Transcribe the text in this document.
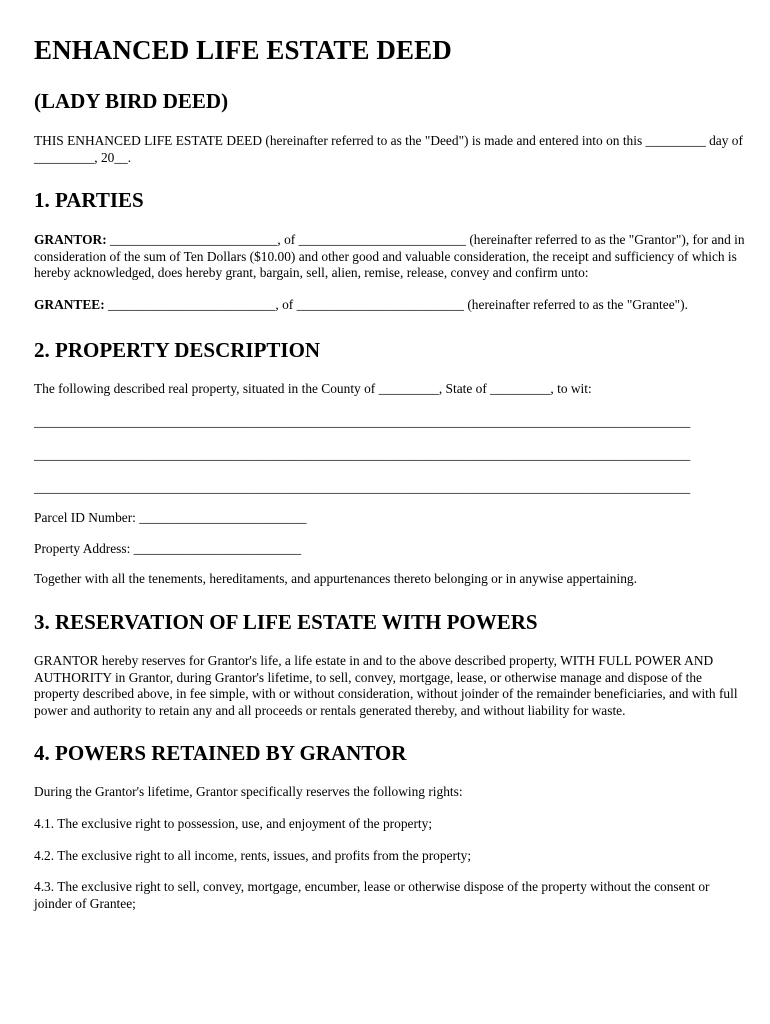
ENHANCED LIFE ESTATE DEED
(LADY BIRD DEED)

THIS ENHANCED LIFE ESTATE DEED (hereinafter referred to as the "Deed") is made and entered into on this _________ day of _________, 20__.

1. PARTIES

GRANTOR: _________________________, of _________________________ (hereinafter referred to as the "Grantor"), for and in consideration of the sum of Ten Dollars ($10.00) and other good and valuable consideration, the receipt and sufficiency of which is hereby acknowledged, does hereby grant, bargain, sell, alien, remise, release, convey and confirm unto:

GRANTEE: _________________________, of _________________________ (hereinafter referred to as the "Grantee").

2. PROPERTY DESCRIPTION

The following described real property, situated in the County of _________, State of _________, to wit:

__________________________________________________________________________________________________
__________________________________________________________________________________________________
__________________________________________________________________________________________________

Parcel ID Number: _________________________

Property Address: _________________________

Together with all the tenements, hereditaments, and appurtenances thereto belonging or in anywise appertaining.

3. RESERVATION OF LIFE ESTATE WITH POWERS

GRANTOR hereby reserves for Grantor's life, a life estate in and to the above described property, WITH FULL POWER AND AUTHORITY in Grantor, during Grantor's lifetime, to sell, convey, mortgage, lease, or otherwise manage and dispose of the property described above, in fee simple, with or without consideration, without joinder of the remainder beneficiaries, and with full power and authority to retain any and all proceeds or rentals generated thereby, and without liability for waste.

4. POWERS RETAINED BY GRANTOR

During the Grantor's lifetime, Grantor specifically reserves the following rights:

4.1. The exclusive right to possession, use, and enjoyment of the property;

4.2. The exclusive right to all income, rents, issues, and profits from the property;

4.3. The exclusive right to sell, convey, mortgage, encumber, lease or otherwise dispose of the property without the consent or joinder of Grantee;
